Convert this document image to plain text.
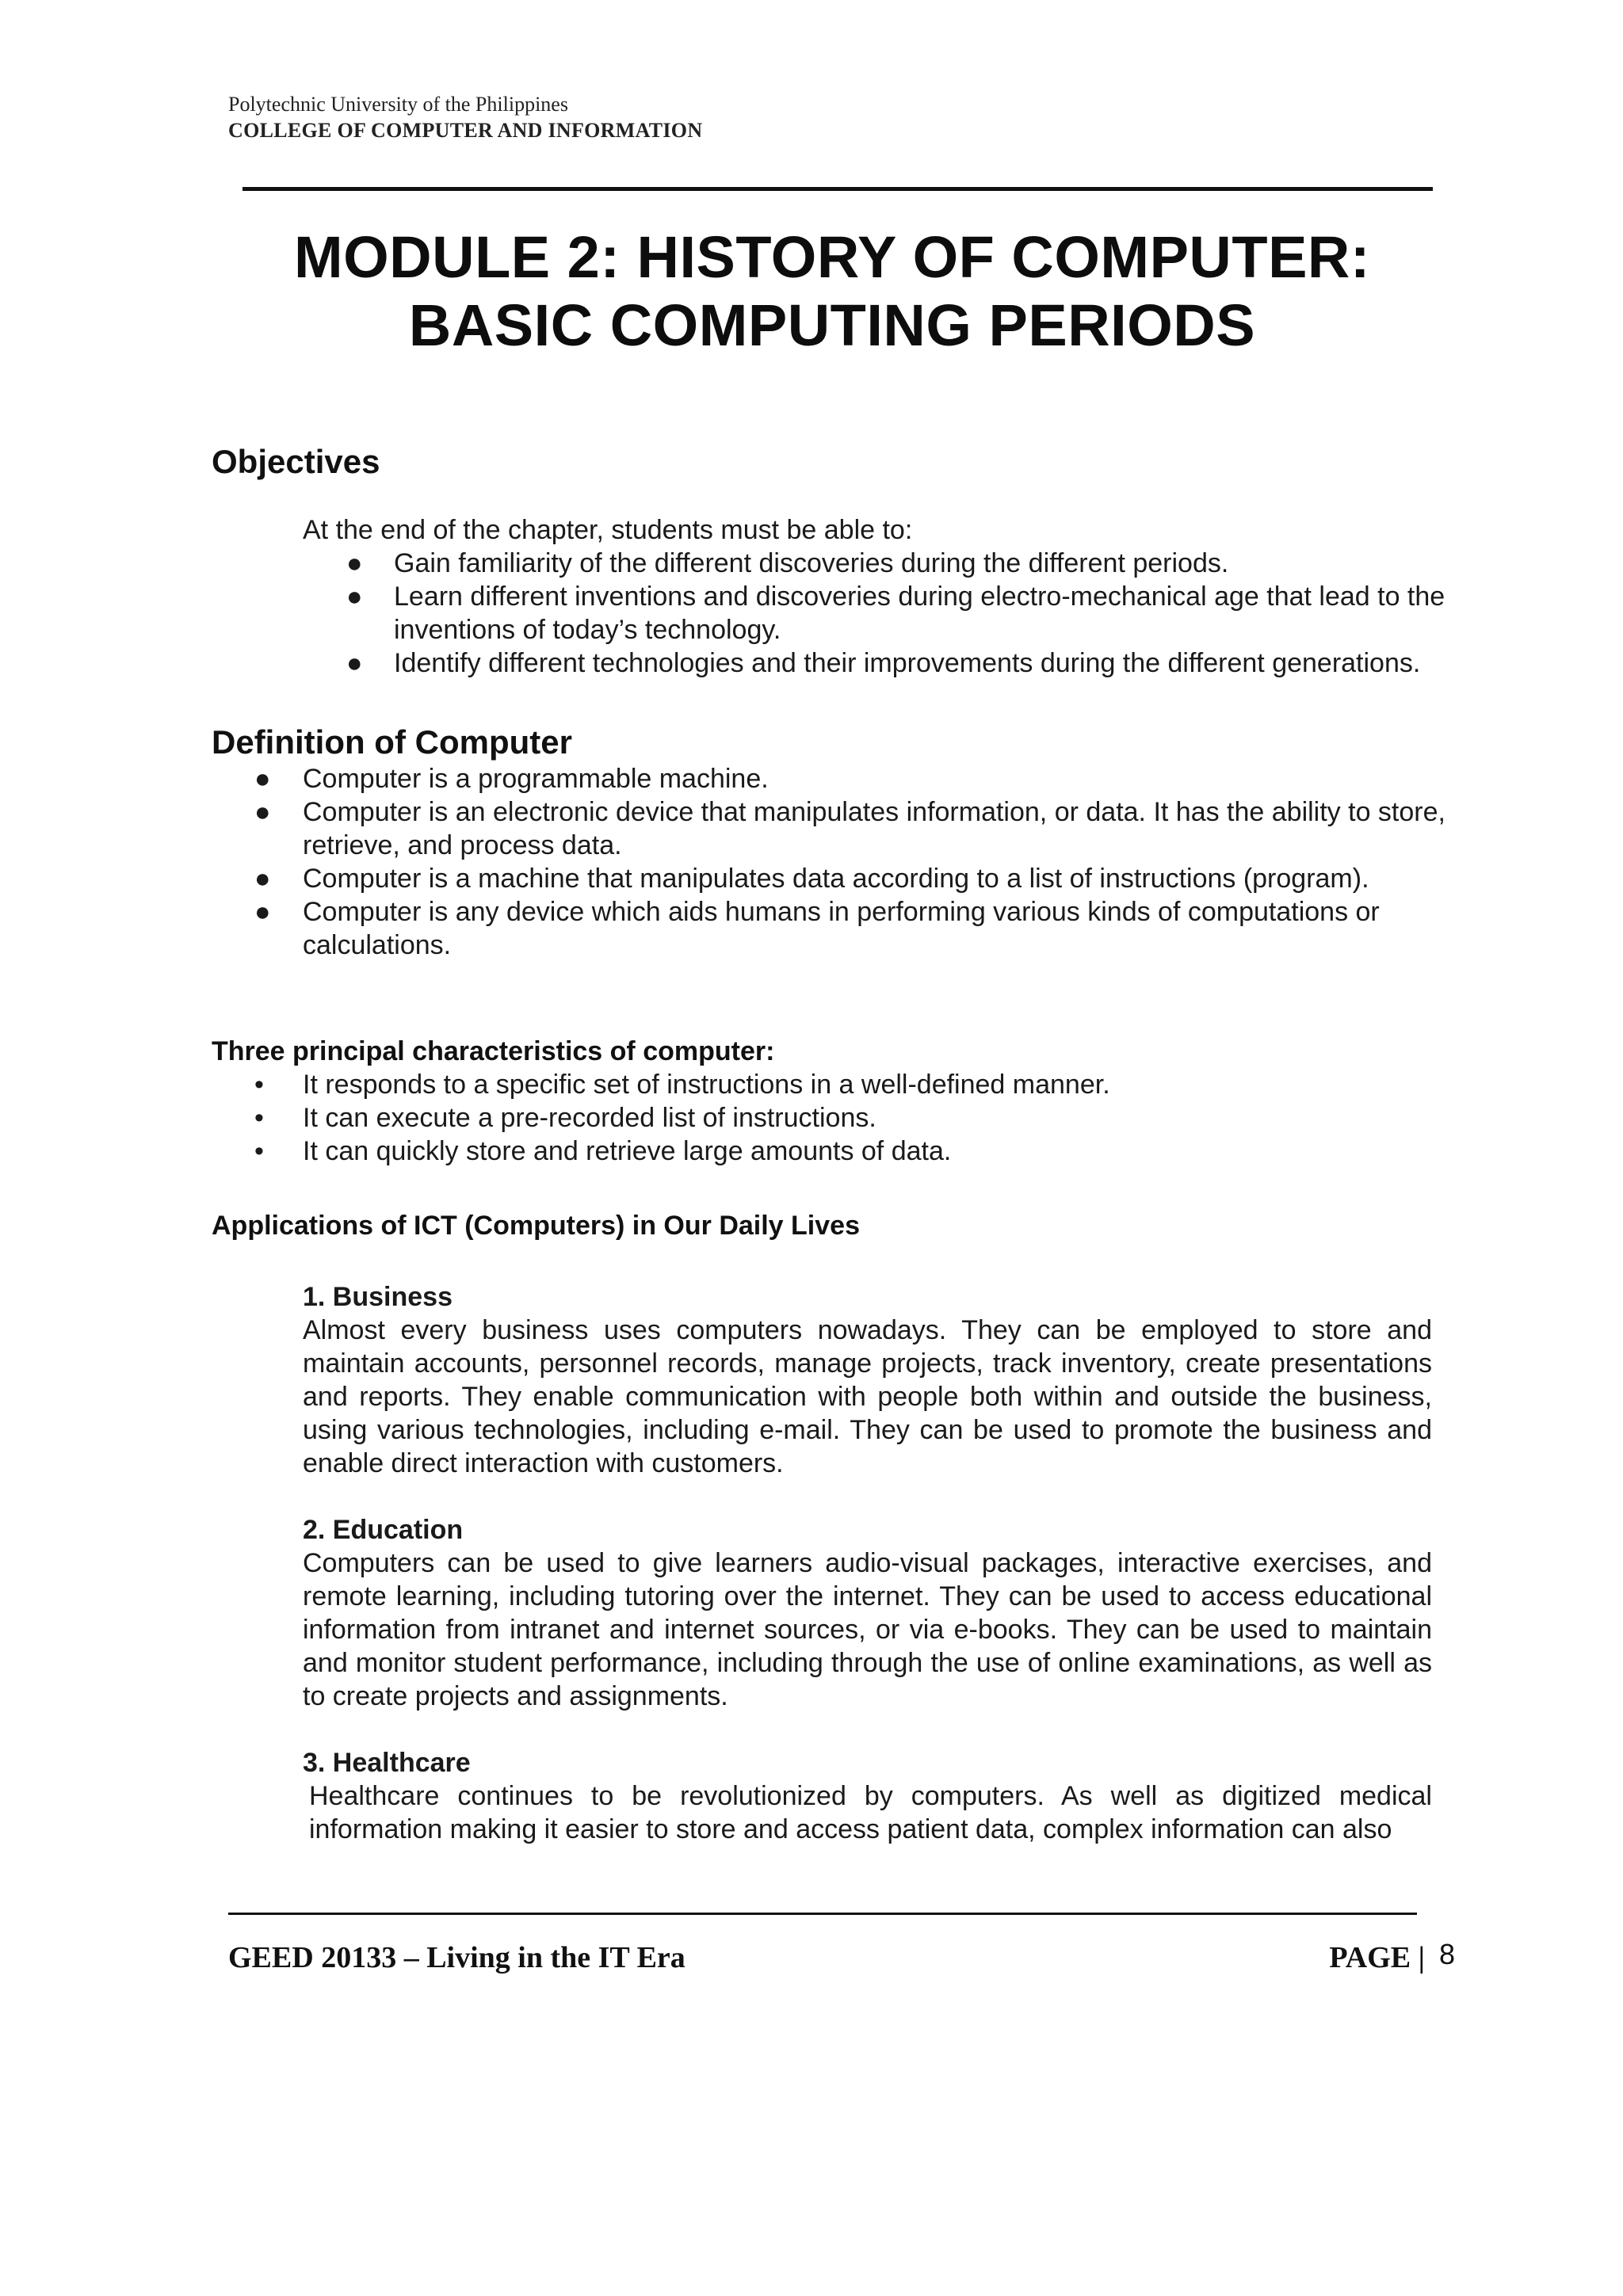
Polytechnic University of the Philippines
COLLEGE OF COMPUTER AND INFORMATION
MODULE 2: HISTORY OF COMPUTER:
BASIC COMPUTING PERIODS
Objectives

At the end of the chapter, students must be able to:

● Gain familiarity of the different discoveries during the different periods.
● Learn different inventions and discoveries during electro-mechanical age that lead to the inventions of today’s technology.
● Identify different technologies and their improvements during the different generations.
Definition of Computer
● Computer is a programmable machine.
● Computer is an electronic device that manipulates information, or data. It has the ability to store, retrieve, and process data.
● Computer is a machine that manipulates data according to a list of instructions (program).
● Computer is any device which aids humans in performing various kinds of computations or calculations.
Three principal characteristics of computer:
• It responds to a specific set of instructions in a well-defined manner.
• It can execute a pre-recorded list of instructions.
• It can quickly store and retrieve large amounts of data.
Applications of ICT (Computers) in Our Daily Lives

1. Business

Almost every business uses computers nowadays. They can be employed to store and maintain accounts, personnel records, manage projects, track inventory, create presentations and reports. They enable communication with people both within and outside the business, using various technologies, including e-mail. They can be used to promote the business and enable direct interaction with customers.

2. Education

Computers can be used to give learners audio-visual packages, interactive exercises, and remote learning, including tutoring over the internet. They can be used to access educational information from intranet and internet sources, or via e-books. They can be used to maintain and monitor student performance, including through the use of online examinations, as well as to create projects and assignments.

3. Healthcare

Healthcare continues to be revolutionized by computers. As well as digitized medical information making it easier to store and access patient data, complex information can also

GEED 20133 – Living in the IT Era	PAGE | 8
